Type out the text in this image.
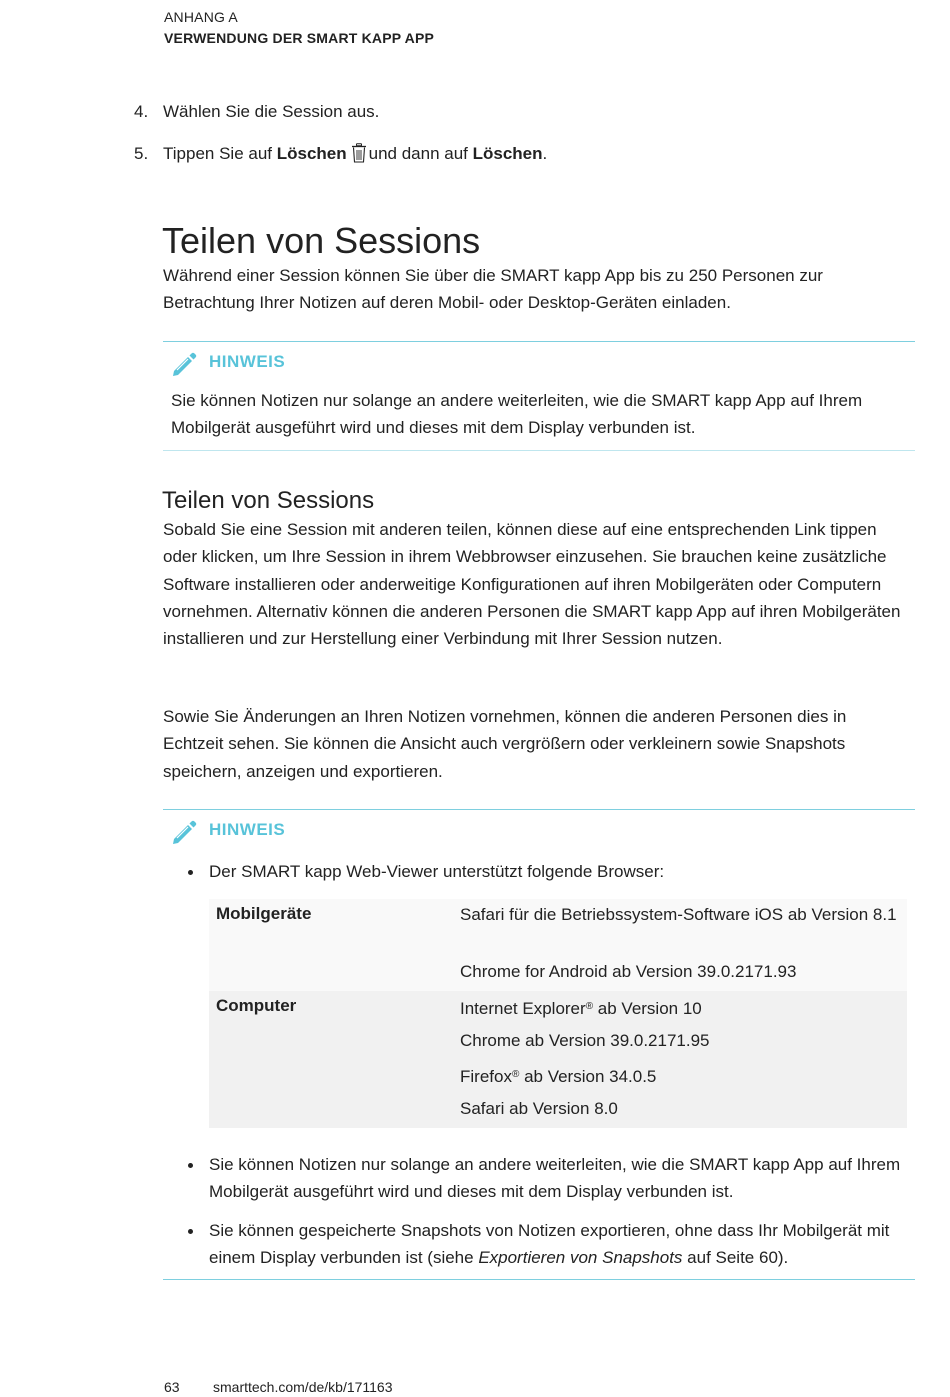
ANHANG A
VERWENDUNG DER SMART KAPP APP
4. Wählen Sie die Session aus.
5. Tippen Sie auf Löschen und dann auf Löschen.
Teilen von Sessions
Während einer Session können Sie über die SMART kapp App bis zu 250 Personen zur Betrachtung Ihrer Notizen auf deren Mobil- oder Desktop-Geräten einladen.
HINWEIS
Sie können Notizen nur solange an andere weiterleiten, wie die SMART kapp App auf Ihrem Mobilgerät ausgeführt wird und dieses mit dem Display verbunden ist.
Teilen von Sessions
Sobald Sie eine Session mit anderen teilen, können diese auf eine entsprechenden Link tippen oder klicken, um Ihre Session in ihrem Webbrowser einzusehen. Sie brauchen keine zusätzliche Software installieren oder anderweitige Konfigurationen auf ihren Mobilgeräten oder Computern vornehmen. Alternativ können die anderen Personen die SMART kapp App auf ihren Mobilgeräten installieren und zur Herstellung einer Verbindung mit Ihrer Session nutzen.
Sowie Sie Änderungen an Ihren Notizen vornehmen, können die anderen Personen dies in Echtzeit sehen. Sie können die Ansicht auch vergrößern oder verkleinern sowie Snapshots speichern, anzeigen und exportieren.
HINWEIS
Der SMART kapp Web-Viewer unterstützt folgende Browser:
Mobilgeräte	Safari für die Betriebssystem-Software iOS ab Version 8.1
Chrome for Android ab Version 39.0.2171.93
Computer	Internet Explorer® ab Version 10
Chrome ab Version 39.0.2171.95
Firefox® ab Version 34.0.5
Safari ab Version 8.0
Sie können Notizen nur solange an andere weiterleiten, wie die SMART kapp App auf Ihrem Mobilgerät ausgeführt wird und dieses mit dem Display verbunden ist.
Sie können gespeicherte Snapshots von Notizen exportieren, ohne dass Ihr Mobilgerät mit einem Display verbunden ist (siehe Exportieren von Snapshots auf Seite 60).
63 smarttech.com/de/kb/171163
